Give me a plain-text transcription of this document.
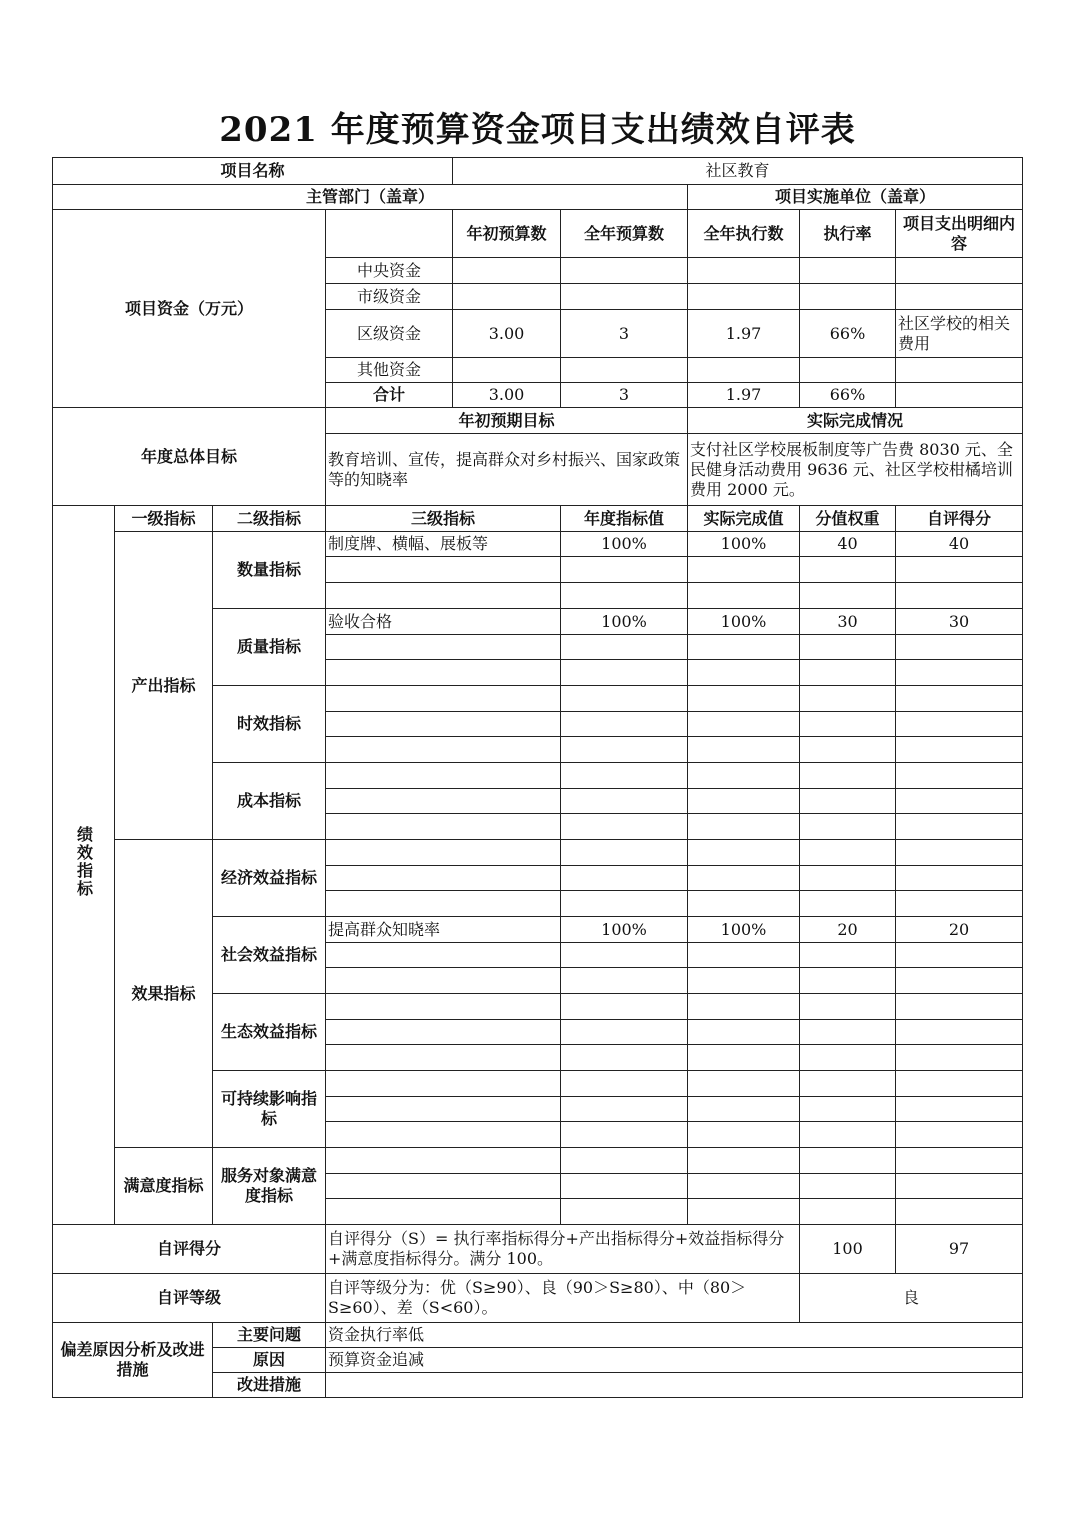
2021 年度预算资金项目支出绩效自评表
项目名称				社区教育				
主管部门（盖章）						项目实施单位（盖章）		
项目资金（万元）				年初预算数	全年预算数	全年执行数	执行率	项目支出明细内容
			中央资金					
			市级资金					
			区级资金	3.00	3	1.97	66%	社区学校的相关费用
			其他资金					
			合计	3.00	3	1.97	66%	
年度总体目标			年初预期目标			实际完成情况		
			教育培训、宣传，提高群众对乡村振兴、国家政策等的知晓率			支付社区学校展板制度等广告费 8030 元、全民健身活动费用 9636 元、社区学校柑橘培训费用 2000 元。		
绩效指标	一级指标	二级指标	三级指标		年度指标值	实际完成值	分值权重	自评得分
	产出指标	数量指标	制度牌、横幅、展板等		100%	100%	40	40

		质量指标	验收合格		100%	100%	30	30

		时效指标						

		成本指标						

	效果指标	经济效益指标						

		社会效益指标	提高群众知晓率		100%	100%	20	20

		生态效益指标						

		可持续影响指标						

	满意度指标	服务对象满意度指标						

自评得分			自评得分（S）= 执行率指标得分+产出指标得分+效益指标得分+满意度指标得分。满分 100。				100	97
自评等级			自评等级分为：优（S≥90）、良（90＞S≥80）、中（80＞S≥60）、差（S<60）。				良	
偏差原因分析及改进措施		主要问题	资金执行率低					
		原因	预算资金追减					
		改进措施						
